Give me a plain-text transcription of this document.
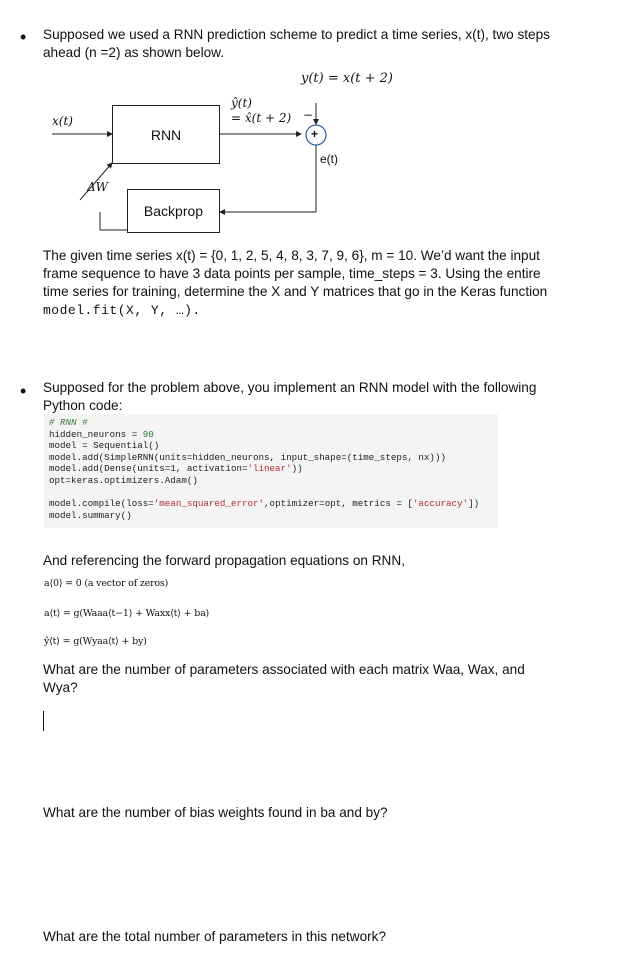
• Supposed we used a RNN prediction scheme to predict a time series, x(t), two steps ahead (n =2) as shown below.
y(t) = x(t + 2)
x(t)
ŷ(t)
= x̂(t + 2) −
+
e(t)
RNN
Backprop
ΔW
The given time series x(t) = {0, 1, 2, 5, 4, 8, 3, 7, 9, 6}, m = 10. We’d want the input frame sequence to have 3 data points per sample, time_steps = 3. Using the entire time series for training, determine the X and Y matrices that go in the Keras function model.fit(X, Y, …).
• Supposed for the problem above, you implement an RNN model with the following Python code:
# RNN #
hidden_neurons = 90
model = Sequential()
model.add(SimpleRNN(units=hidden_neurons, input_shape=(time_steps, nx)))
model.add(Dense(units=1, activation='linear'))
opt=keras.optimizers.Adam()

model.compile(loss='mean_squared_error',optimizer=opt, metrics = ['accuracy'])
model.summary()
And referencing the forward propagation equations on RNN,
a⟨0⟩ = 0 (a vector of zeros)
a⟨t⟩ = g(Waaa⟨t−1⟩ + Waxx⟨t⟩ + ba)
ŷ⟨t⟩ = g(Wyaa⟨t⟩ + by)
What are the number of parameters associated with each matrix Waa, Wax, and Wya?
What are the number of bias weights found in ba and by?
What are the total number of parameters in this network?
